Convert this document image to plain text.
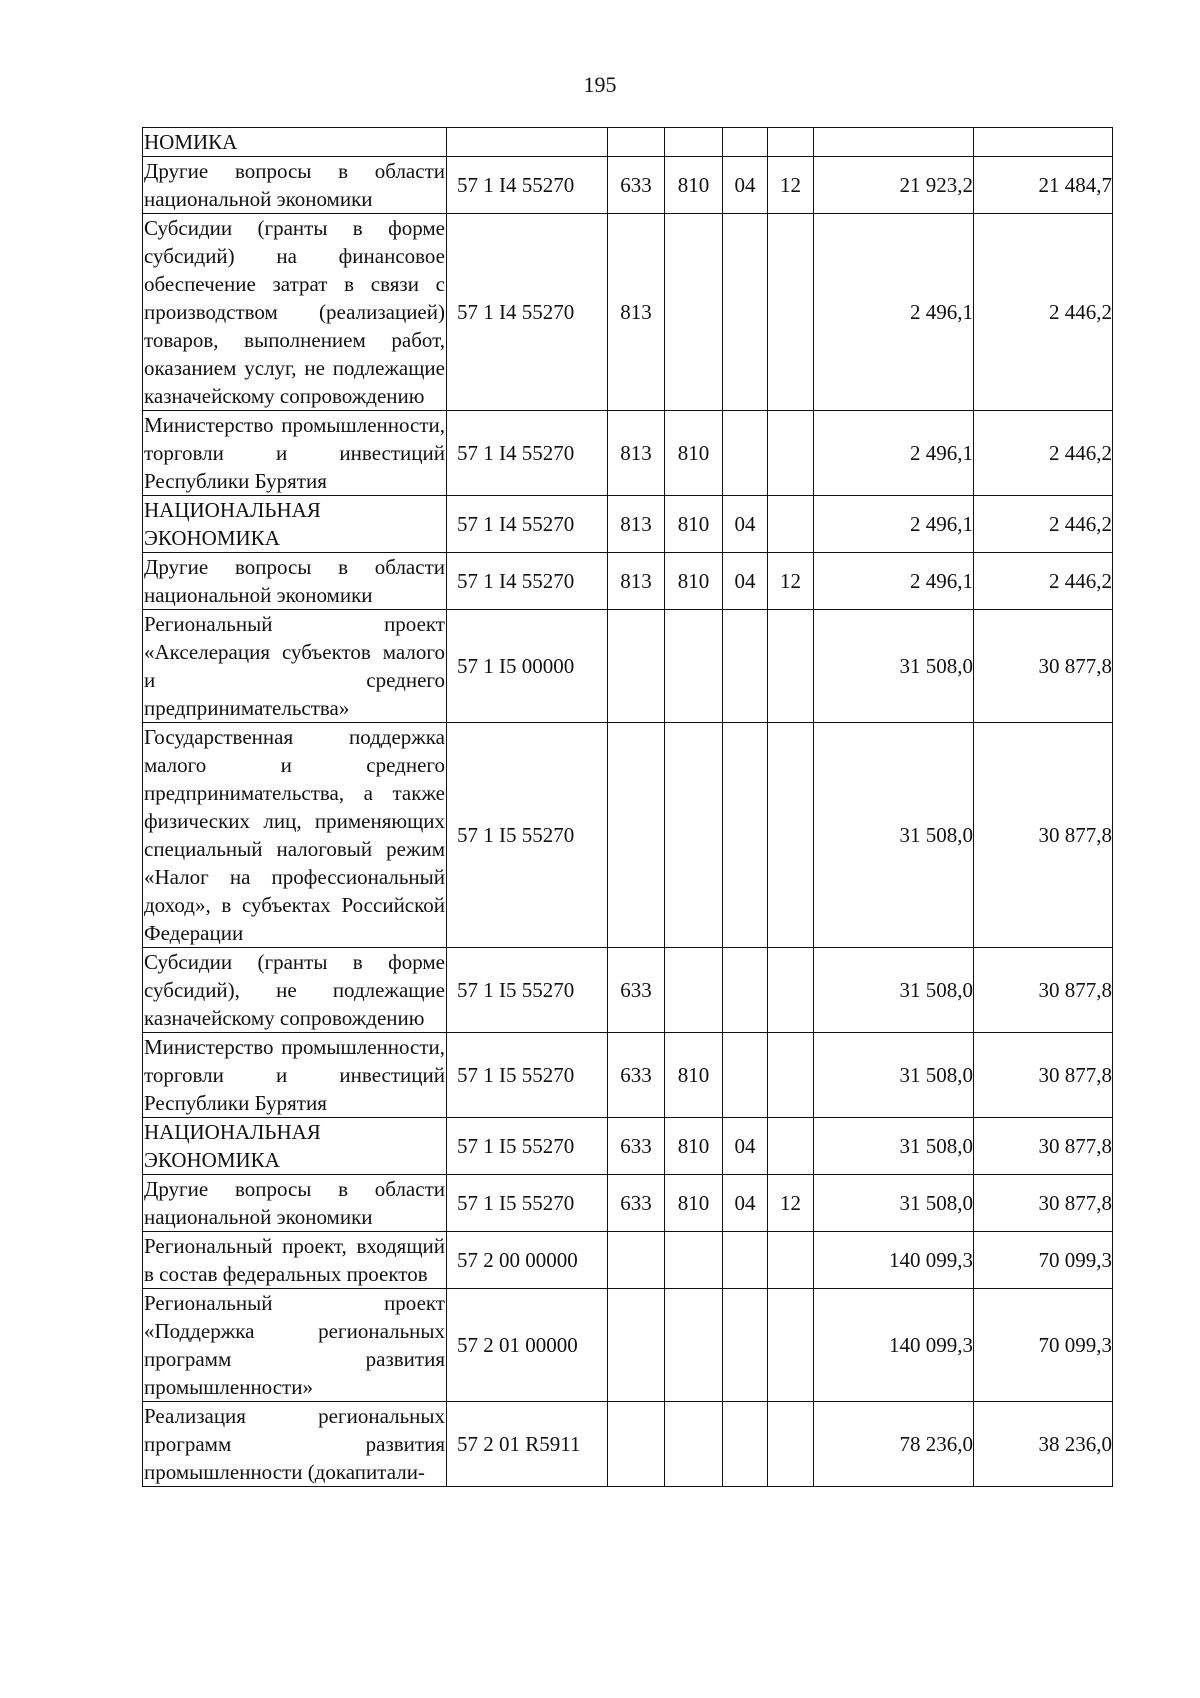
195
НОМИКА							
Другие вопросы в области национальной экономики	57 1 I4 55270	633	810	04	12	21 923,2	21 484,7
Субсидии (гранты в форме субсидий) на финансовое обеспечение затрат в связи с производством (реализацией) товаров, выполнением работ, оказанием услуг, не подлежащие казначейскому сопровождению	57 1 I4 55270	813				2 496,1	2 446,2
Министерство промышленности, торговли и инвестиций Республики Бурятия	57 1 I4 55270	813	810			2 496,1	2 446,2
НАЦИОНАЛЬНАЯ ЭКОНОМИКА	57 1 I4 55270	813	810	04		2 496,1	2 446,2
Другие вопросы в области национальной экономики	57 1 I4 55270	813	810	04	12	2 496,1	2 446,2
Региональный проект «Акселерация субъектов малого и среднего предпринимательства»	57 1 I5 00000					31 508,0	30 877,8
Государственная поддержка малого и среднего предпринимательства, а также физических лиц, применяющих специальный налоговый режим «Налог на профессиональный доход», в субъектах Российской Федерации	57 1 I5 55270					31 508,0	30 877,8
Субсидии (гранты в форме субсидий), не подлежащие казначейскому сопровождению	57 1 I5 55270	633				31 508,0	30 877,8
Министерство промышленности, торговли и инвестиций Республики Бурятия	57 1 I5 55270	633	810			31 508,0	30 877,8
НАЦИОНАЛЬНАЯ ЭКОНОМИКА	57 1 I5 55270	633	810	04		31 508,0	30 877,8
Другие вопросы в области национальной экономики	57 1 I5 55270	633	810	04	12	31 508,0	30 877,8
Региональный проект, входящий в состав федеральных проектов	57 2 00 00000					140 099,3	70 099,3
Региональный проект «Поддержка региональных программ развития промышленности»	57 2 01 00000					140 099,3	70 099,3
Реализация региональных программ развития промышленности (докапитали-	57 2 01 R5911					78 236,0	38 236,0
